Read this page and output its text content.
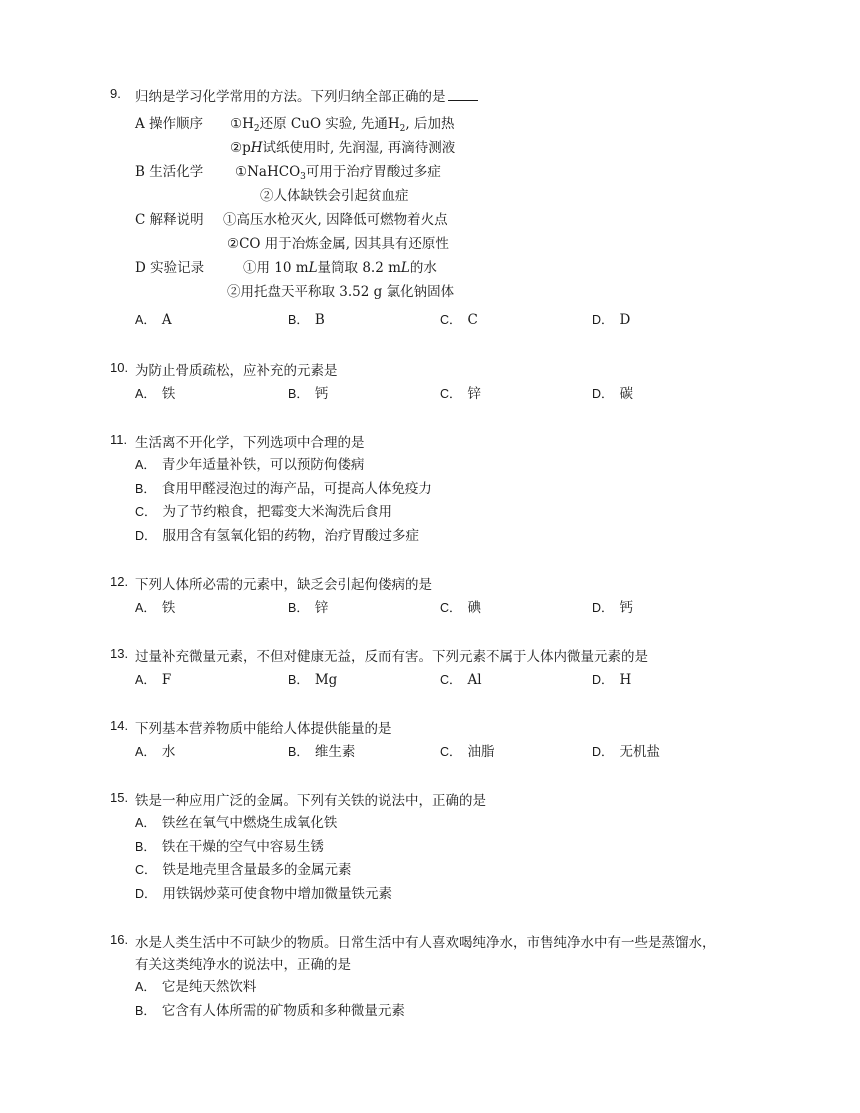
9. 归纳是学习化学常用的方法。下列归纳全部正确的是
A 操作顺序 $①H_2$还原 CuO 实验, 先通$H_2$, 后加热
②pH试纸使用时, 先润湿, 再滴待测液
B 生活化学 ①NaHCO$_3$可用于治疗胃酸过多症
②人体缺铁会引起贫血症
C 解释说明 ①高压水枪灭火, 因降低可燃物着火点
②CO 用于冶炼金属, 因其具有还原性
D 实验记录	①用 10 mL量筒取 8.2 mL的水
②用托盘天平称取 3.52 g 氯化钠固体
A． A	B． B	C． C	D． D
10. 为防止骨质疏松，应补充的元素是
A． 铁	B． 钙	C． 锌	D． 碳
11. 生活离不开化学，下列选项中合理的是
A． 青少年适量补铁，可以预防佝偻病
B． 食用甲醛浸泡过的海产品，可提高人体免疫力
C． 为了节约粮食，把霉变大米淘洗后食用
D． 服用含有氢氧化铝的药物，治疗胃酸过多症
12. 下列人体所必需的元素中，缺乏会引起佝偻病的是
A． 铁	B． 锌	C． 碘	D． 钙
13. 过量补充微量元素，不但对健康无益，反而有害。下列元素不属于人体内微量元素的是
A． F	B． Mg	C． Al	D． H
14. 下列基本营养物质中能给人体提供能量的是
A． 水	B． 维生素	C． 油脂	D． 无机盐
15. 铁是一种应用广泛的金属。下列有关铁的说法中，正确的是
A． 铁丝在氧气中燃烧生成氧化铁
B． 铁在干燥的空气中容易生锈
C． 铁是地壳里含量最多的金属元素
D． 用铁锅炒菜可使食物中增加微量铁元素
16. 水是人类生活中不可缺少的物质。日常生活中有人喜欢喝纯净水，市售纯净水中有一些是蒸馏水，
有关这类纯净水的说法中，正确的是
A． 它是纯天然饮料
B． 它含有人体所需的矿物质和多种微量元素
